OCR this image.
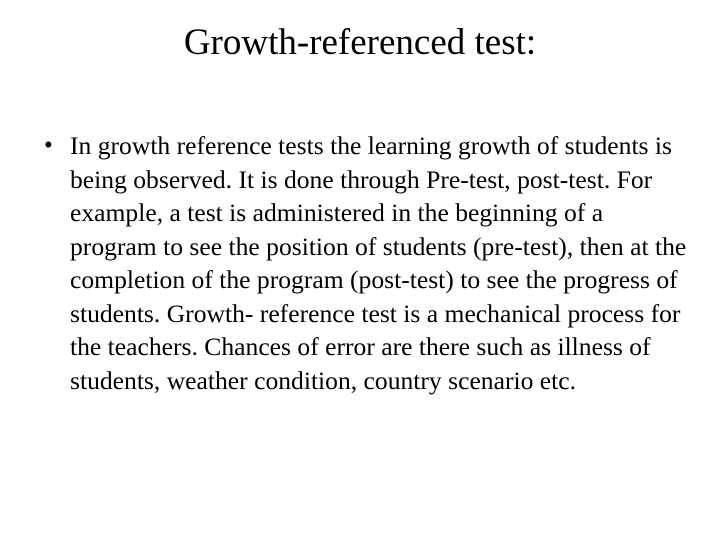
Growth-referenced test:
• In growth reference tests the learning growth of students is being observed. It is done through Pre-test, post-test. For example, a test is administered in the beginning of a program to see the position of students (pre-test), then at the completion of the program (post-test) to see the progress of students. Growth- reference test is a mechanical process for the teachers. Chances of error are there such as illness of students, weather condition, country scenario etc.
